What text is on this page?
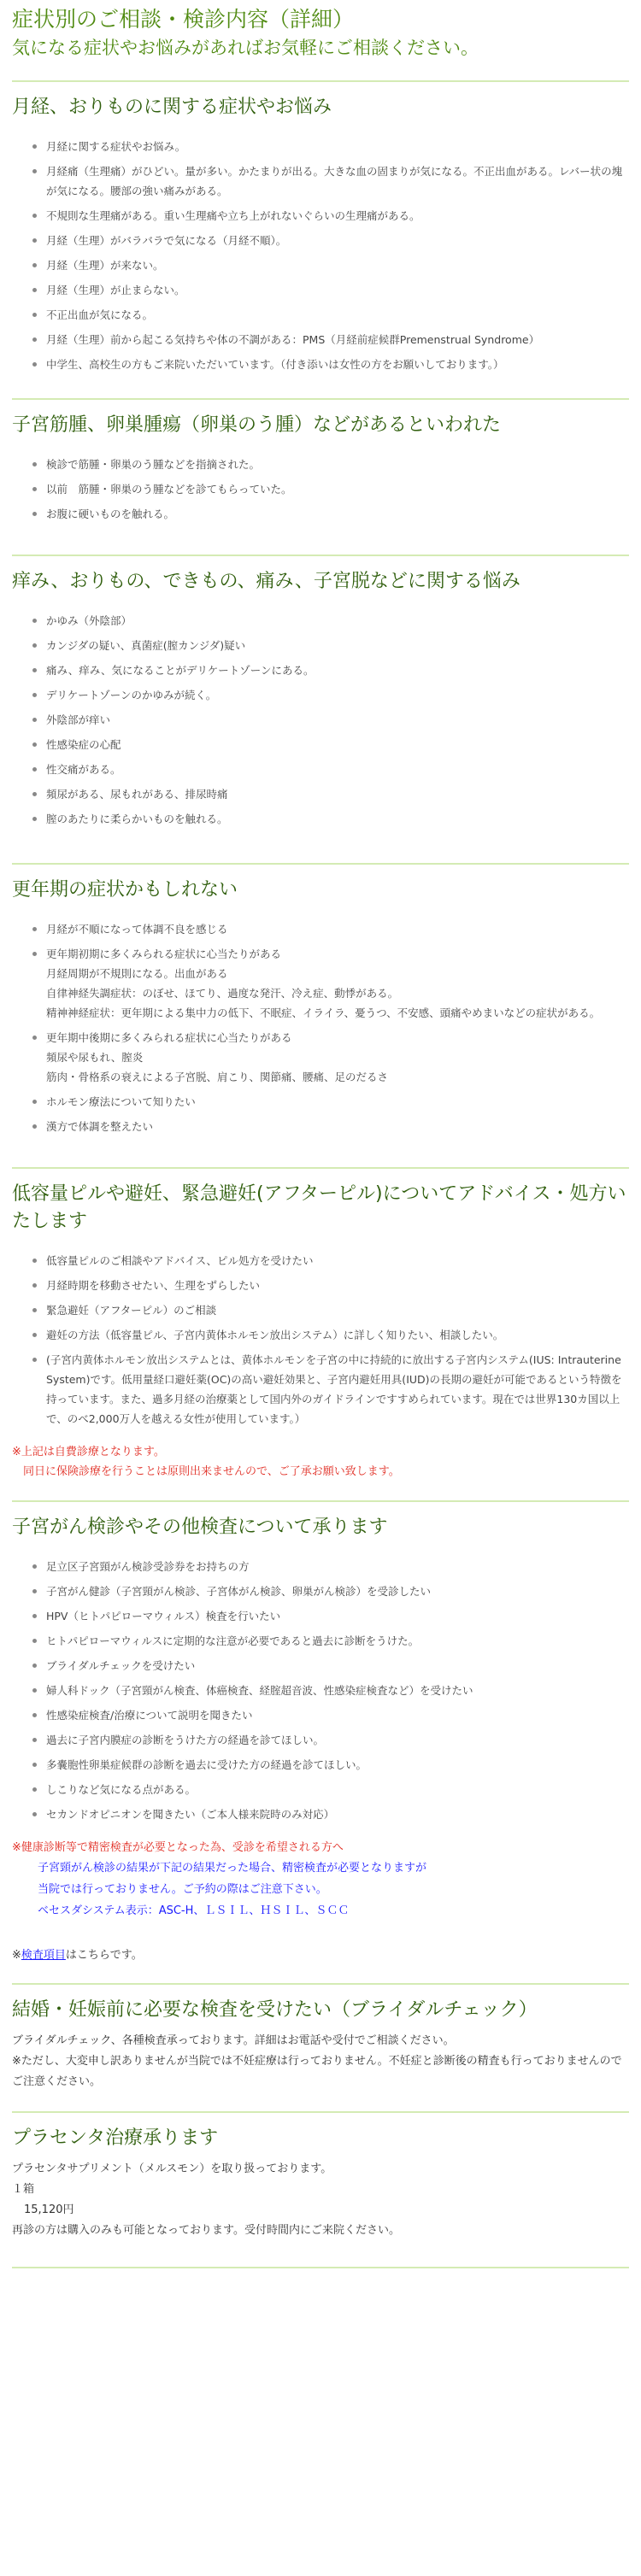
症状別のご相談・検診内容（詳細）
気になる症状やお悩みがあればお気軽にご相談ください。
月経、おりものに関する症状やお悩み
月経に関する症状やお悩み。
月経痛（生理痛）がひどい。量が多い。かたまりが出る。大きな血の固まりが気になる。不正出血がある。レバー状の塊が気になる。腰部の強い痛みがある。
不規則な生理痛がある。重い生理痛や立ち上がれないぐらいの生理痛がある。
月経（生理）がバラバラで気になる（月経不順）。
月経（生理）が来ない。
月経（生理）が止まらない。
不正出血が気になる。
月経（生理）前から起こる気持ちや体の不調がある：PMS（月経前症候群Premenstrual Syndrome）
中学生、高校生の方もご来院いただいています。（付き添いは女性の方をお願いしております。）
子宮筋腫、卵巣腫瘍（卵巣のう腫）などがあるといわれた
検診で筋腫・卵巣のう腫などを指摘された。
以前　筋腫・卵巣のう腫などを診てもらっていた。
お腹に硬いものを触れる。
痒み、おりもの、できもの、痛み、子宮脱などに関する悩み
かゆみ（外陰部）
カンジダの疑い、真菌症(膣カンジダ)疑い
痛み、痒み、気になることがデリケートゾーンにある。
デリケートゾーンのかゆみが続く。
外陰部が痒い
性感染症の心配
性交痛がある。
頻尿がある、尿もれがある、排尿時痛
膣のあたりに柔らかいものを触れる。
更年期の症状かもしれない
月経が不順になって体調不良を感じる
更年期初期に多くみられる症状に心当たりがある
月経周期が不規則になる。出血がある
自律神経失調症状：のぼせ、ほてり、過度な発汗、冷え症、動悸がある。
精神神経症状：更年期による集中力の低下、不眠症、イライラ、憂うつ、不安感、頭痛やめまいなどの症状がある。
更年期中後期に多くみられる症状に心当たりがある
頻尿や尿もれ、膣炎
筋肉・骨格系の衰えによる子宮脱、肩こり、関節痛、腰痛、足のだるさ
ホルモン療法について知りたい
漢方で体調を整えたい
低容量ピルや避妊、緊急避妊(アフターピル)についてアドバイス・処方いたします
低容量ピルのご相談やアドバイス、ピル処方を受けたい
月経時期を移動させたい、生理をずらしたい
緊急避妊（アフターピル）のご相談
避妊の方法（低容量ピル、子宮内黄体ホルモン放出システム）に詳しく知りたい、相談したい。
(子宮内黄体ホルモン放出システムとは、黄体ホルモンを子宮の中に持続的に放出する子宮内システム(IUS: Intrauterine System)です。低用量経口避妊薬(OC)の高い避妊効果と、子宮内避妊用具(IUD)の長期の避妊が可能であるという特徴を持っています。また、過多月経の治療薬として国内外のガイドラインですすめられています。現在では世界130カ国以上で、のべ2,000万人を越える女性が使用しています。）
※上記は自費診療となります。
　同日に保険診療を行うことは原則出来ませんので、ご了承お願い致します。
子宮がん検診やその他検査について承ります
足立区子宮頸がん検診受診券をお持ちの方
子宮がん健診（子宮頸がん検診、子宮体がん検診、卵巣がん検診）を受診したい
HPV（ヒトパピローマウィルス）検査を行いたい
ヒトパピローマウィルスに定期的な注意が必要であると過去に診断をうけた。
ブライダルチェックを受けたい
婦人科ドック（子宮頸がん検査、体癌検査、経腟超音波、性感染症検査など）を受けたい
性感染症検査/治療について説明を聞きたい
過去に子宮内膜症の診断をうけた方の経過を診てほしい。
多嚢胞性卵巣症候群の診断を過去に受けた方の経過を診てほしい。
しこりなど気になる点がある。
セカンドオピニオンを聞きたい（ご本人様来院時のみ対応）
※健康診断等で精密検査が必要となった為、受診を希望される方へ
子宮頸がん検診の結果が下記の結果だった場合、精密検査が必要となりますが
当院では行っておりません。ご予約の際はご注意下さい。
ベセスダシステム表示：ASC-H、ＬＳＩＬ、ＨＳＩＬ、ＳＣＣ
※検査項目はこちらです。
結婚・妊娠前に必要な検査を受けたい（ブライダルチェック）
ブライダルチェック、各種検査承っております。詳細はお電話や受付でご相談ください。
※ただし、大変申し訳ありませんが当院では不妊症療は行っておりません。不妊症と診断後の精査も行っておりませんのでご注意ください。
プラセンタ治療承ります
プラセンタサプリメント（メルスモン）を取り扱っております。
１箱
15,120円
再診の方は購入のみも可能となっております。受付時間内にご来院ください。
